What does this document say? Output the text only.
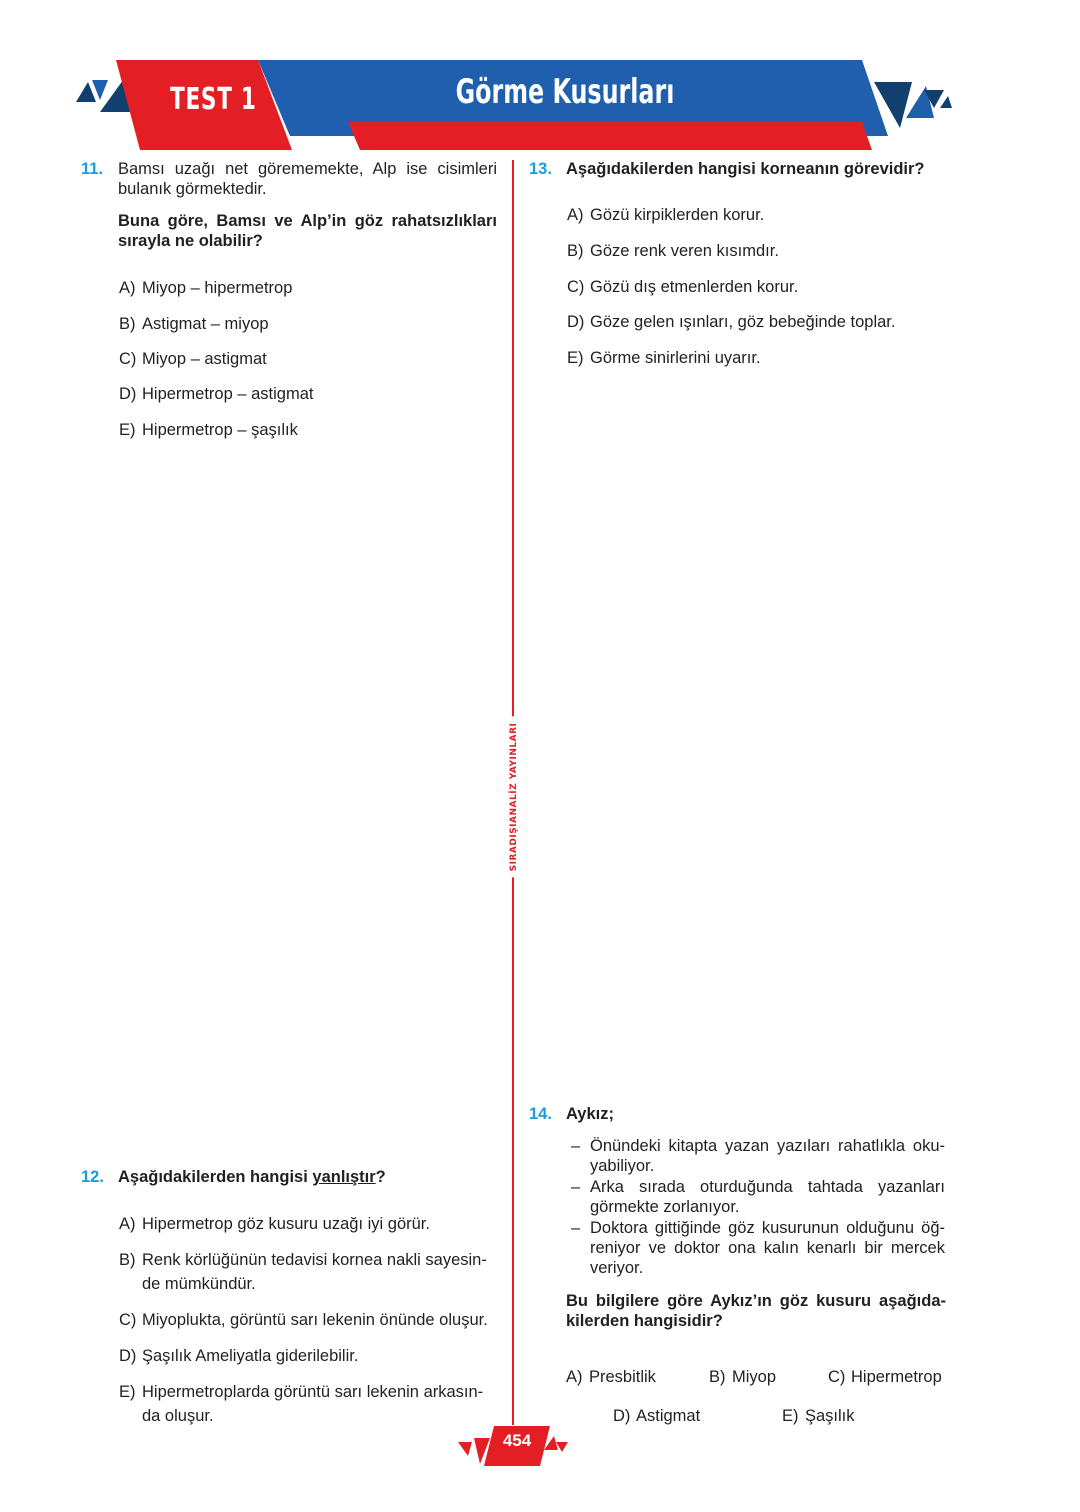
TEST 1	Görme Kusurları
SIRADIŞIANALİZ YAYINLARI
11. Bamsı uzağı net görememekte, Alp ise cisimleri
bulanık görmektedir.
Buna göre, Bamsı ve Alp’in göz rahatsızlıkları
sırayla ne olabilir?
A) Miyop – hipermetrop
B) Astigmat – miyop
C) Miyop – astigmat
D) Hipermetrop – astigmat
E) Hipermetrop – şaşılık
12. Aşağıdakilerden hangisi yanlıştır?
A) Hipermetrop göz kusuru uzağı iyi görür.
B) Renk körlüğünün tedavisi kornea nakli sayesin-
de mümkündür.
C) Miyoplukta, görüntü sarı lekenin önünde oluşur.
D) Şaşılık Ameliyatla giderilebilir.
E) Hipermetroplarda görüntü sarı lekenin arkasın-
da oluşur.
13. Aşağıdakilerden hangisi korneanın görevidir?
A) Gözü kirpiklerden korur.
B) Göze renk veren kısımdır.
C) Gözü dış etmenlerden korur.
D) Göze gelen ışınları, göz bebeğinde toplar.
E) Görme sinirlerini uyarır.
14. Aykız;
– Önündeki kitapta yazan yazıları rahatlıkla oku-
yabiliyor.
– Arka sırada oturduğunda tahtada yazanları
görmekte zorlanıyor.
– Doktora gittiğinde göz kusurunun olduğunu öğ-
reniyor ve doktor ona kalın kenarlı bir mercek
veriyor.
Bu bilgilere göre Aykız’ın göz kusuru aşağıda-
kilerden hangisidir?
A) Presbitlik	B) Miyop	C) Hipermetrop
D) Astigmat	E) Şaşılık
454
